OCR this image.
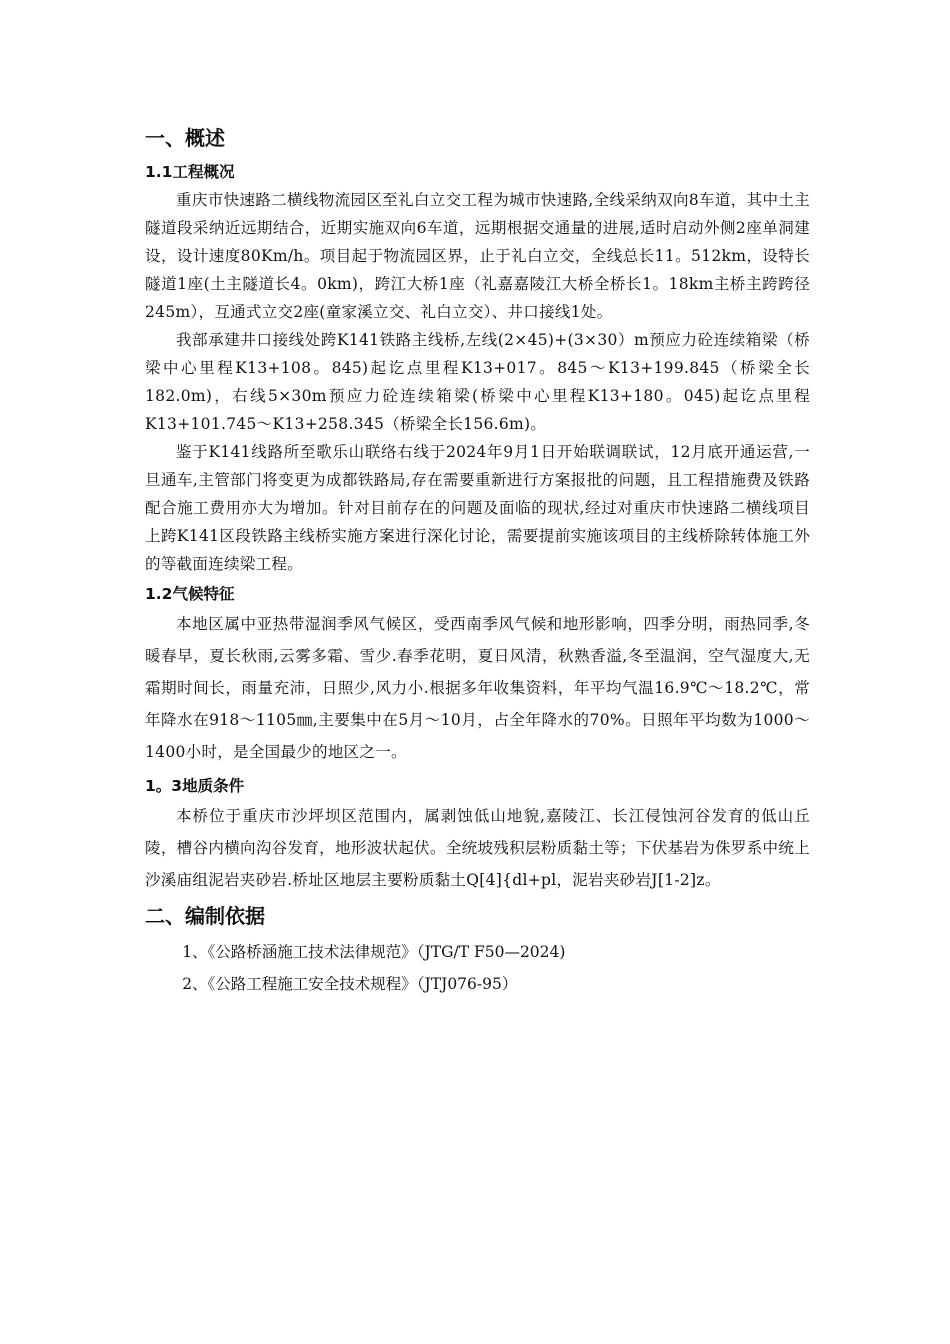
一、概述
1.1工程概况

重庆市快速路二横线物流园区至礼白立交工程为城市快速路,全线采纳双向8车道，其中土主隧道段采纳近远期结合，近期实施双向6车道，远期根据交通量的进展,适时启动外侧2座单洞建设，设计速度80Km/h。项目起于物流园区界，止于礼白立交，全线总长11。512km，设特长隧道1座(土主隧道长4。0km)，跨江大桥1座（礼嘉嘉陵江大桥全桥长1。18km主桥主跨跨径245m），互通式立交2座(童家溪立交、礼白立交）、井口接线1处。

我部承建井口接线处跨K141铁路主线桥,左线(2×45)+(3×30）m预应力砼连续箱梁（桥梁中心里程K13+108。845)起讫点里程K13+017。845～K13+199.845（桥梁全长182.0m)，右线5×30m预应力砼连续箱梁(桥梁中心里程K13+180。045)起讫点里程K13+101.745～K13+258.345（桥梁全长156.6m)。

鉴于K141线路所至歌乐山联络右线于2024年9月1日开始联调联试，12月底开通运营,一旦通车,主管部门将变更为成都铁路局,存在需要重新进行方案报批的问题，且工程措施费及铁路配合施工费用亦大为增加。针对目前存在的问题及面临的现状,经过对重庆市快速路二横线项目上跨K141区段铁路主线桥实施方案进行深化讨论，需要提前实施该项目的主线桥除转体施工外的等截面连续梁工程。

1.2气候特征

本地区属中亚热带湿润季风气候区，受西南季风气候和地形影响，四季分明，雨热同季,冬暖春早，夏长秋雨,云雾多霜、雪少.春季花明，夏日风清，秋熟香溢,冬至温润，空气湿度大,无霜期时间长，雨量充沛，日照少,风力小.根据多年收集资料，年平均气温16.9℃～18.2℃，常年降水在918～1105㎜,主要集中在5月～10月，占全年降水的70%。日照年平均数为1000～1400小时，是全国最少的地区之一。

1。3地质条件

本桥位于重庆市沙坪坝区范围内，属剥蚀低山地貌,嘉陵江、长江侵蚀河谷发育的低山丘陵，槽谷内横向沟谷发育，地形波状起伏。全统坡残积层粉质黏土等；下伏基岩为侏罗系中统上沙溪庙组泥岩夹砂岩.桥址区地层主要粉质黏土Q[4]{dl+pl，泥岩夹砂岩J[1-2]z。

二、编制依据

1、《公路桥涵施工技术法律规范》（JTG/T F50—2024)

2、《公路工程施工安全技术规程》（JTJ076-95）
